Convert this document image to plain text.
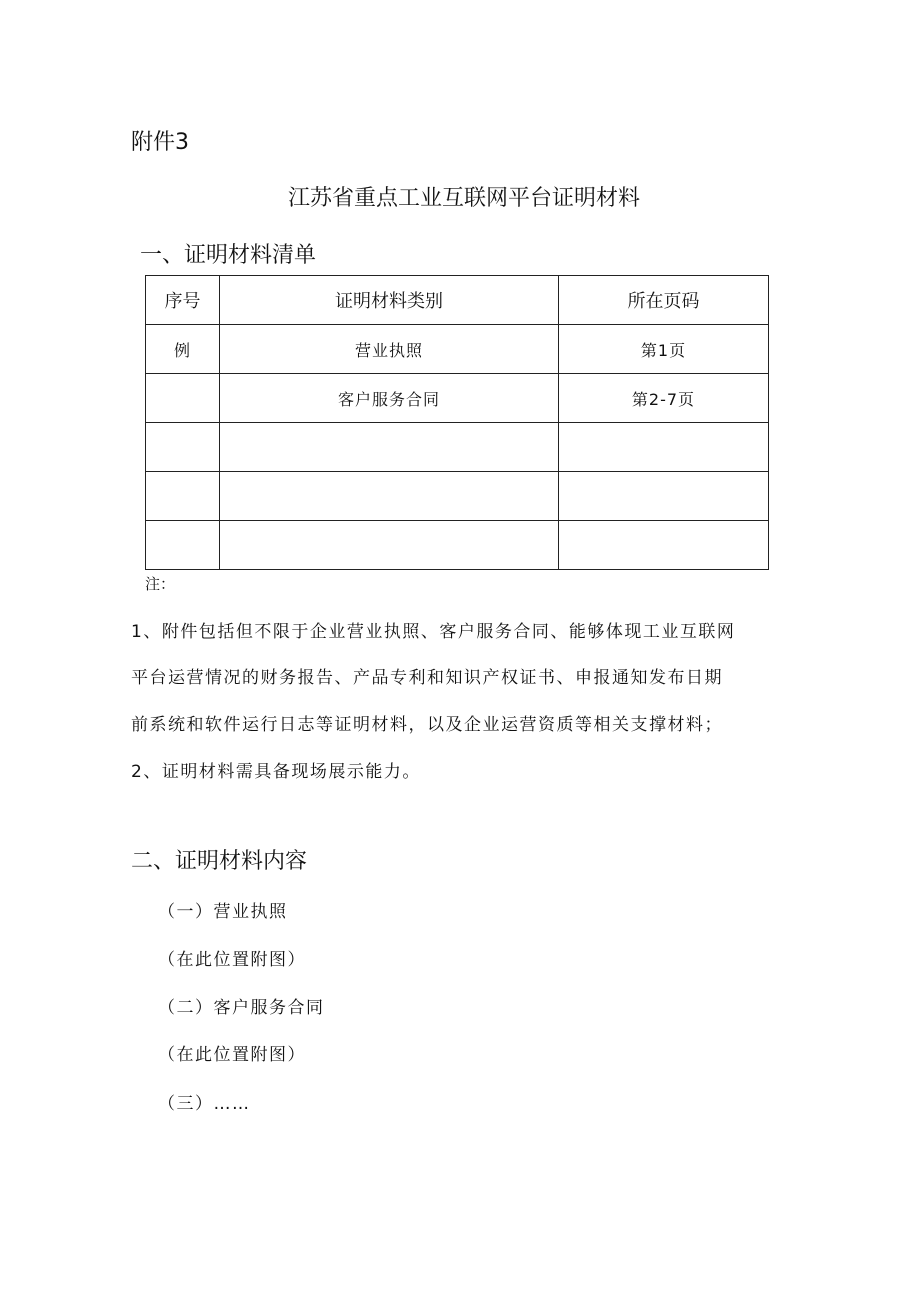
附件3
江苏省重点工业互联网平台证明材料
一、证明材料清单
序号	证明材料类别	所在页码
例	营业执照	第1页
	客户服务合同	第2-7页

注：
1、附件包括但不限于企业营业执照、客户服务合同、能够体现工业互联网
平台运营情况的财务报告、产品专利和知识产权证书、申报通知发布日期
前系统和软件运行日志等证明材料，以及企业运营资质等相关支撑材料；
2、证明材料需具备现场展示能力。
二、证明材料内容
（一）营业执照
（在此位置附图）
（二）客户服务合同
（在此位置附图）
（三）……
